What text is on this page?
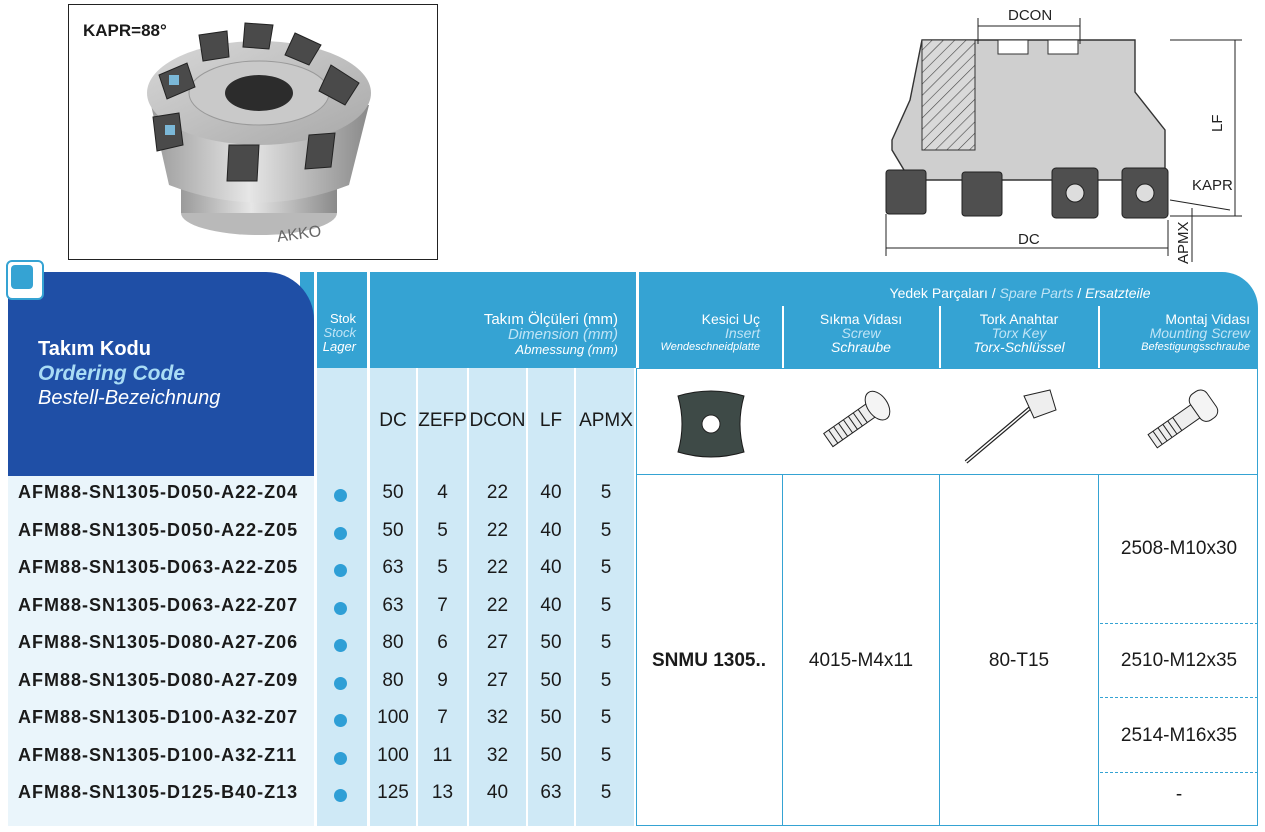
AKKO
KAPR=88°
DCON
LF
KAPR
DC	APMX
Takım Kodu
Ordering Code
Bestell-Bezeichnung
Stok
Stock
Lager
Takım Ölçüleri (mm)
Dimension (mm)
Abmessung (mm)
Kesici Uç
Insert
Wendeschneidplatte
Yedek Parçaları / Spare Parts / Ersatzteile
Sıkma Vidası
Screw
Schraube
Tork Anahtar
Torx Key
Torx-Schlüssel
Montaj Vidası
Mounting Screw
Befestigungsschraube
DC ZEFP DCON LF APMX
AFM88-SN1305-D050-A22-Z04	50	4	22	40	5
AFM88-SN1305-D050-A22-Z05	50	5	22	40	5
AFM88-SN1305-D063-A22-Z05	63	5	22	40	5
AFM88-SN1305-D063-A22-Z07	63	7	22	40	5
AFM88-SN1305-D080-A27-Z06	80	6	27	50	5
AFM88-SN1305-D080-A27-Z09	80	9	27	50	5
AFM88-SN1305-D100-A32-Z07	100	7	32	50	5
AFM88-SN1305-D100-A32-Z11	100	11	32	50	5
AFM88-SN1305-D125-B40-Z13	125	13	40	63	5
SNMU 1305..	4015-M4x11	80-T15
2508-M10x30
2510-M12x35
2514-M16x35
-
